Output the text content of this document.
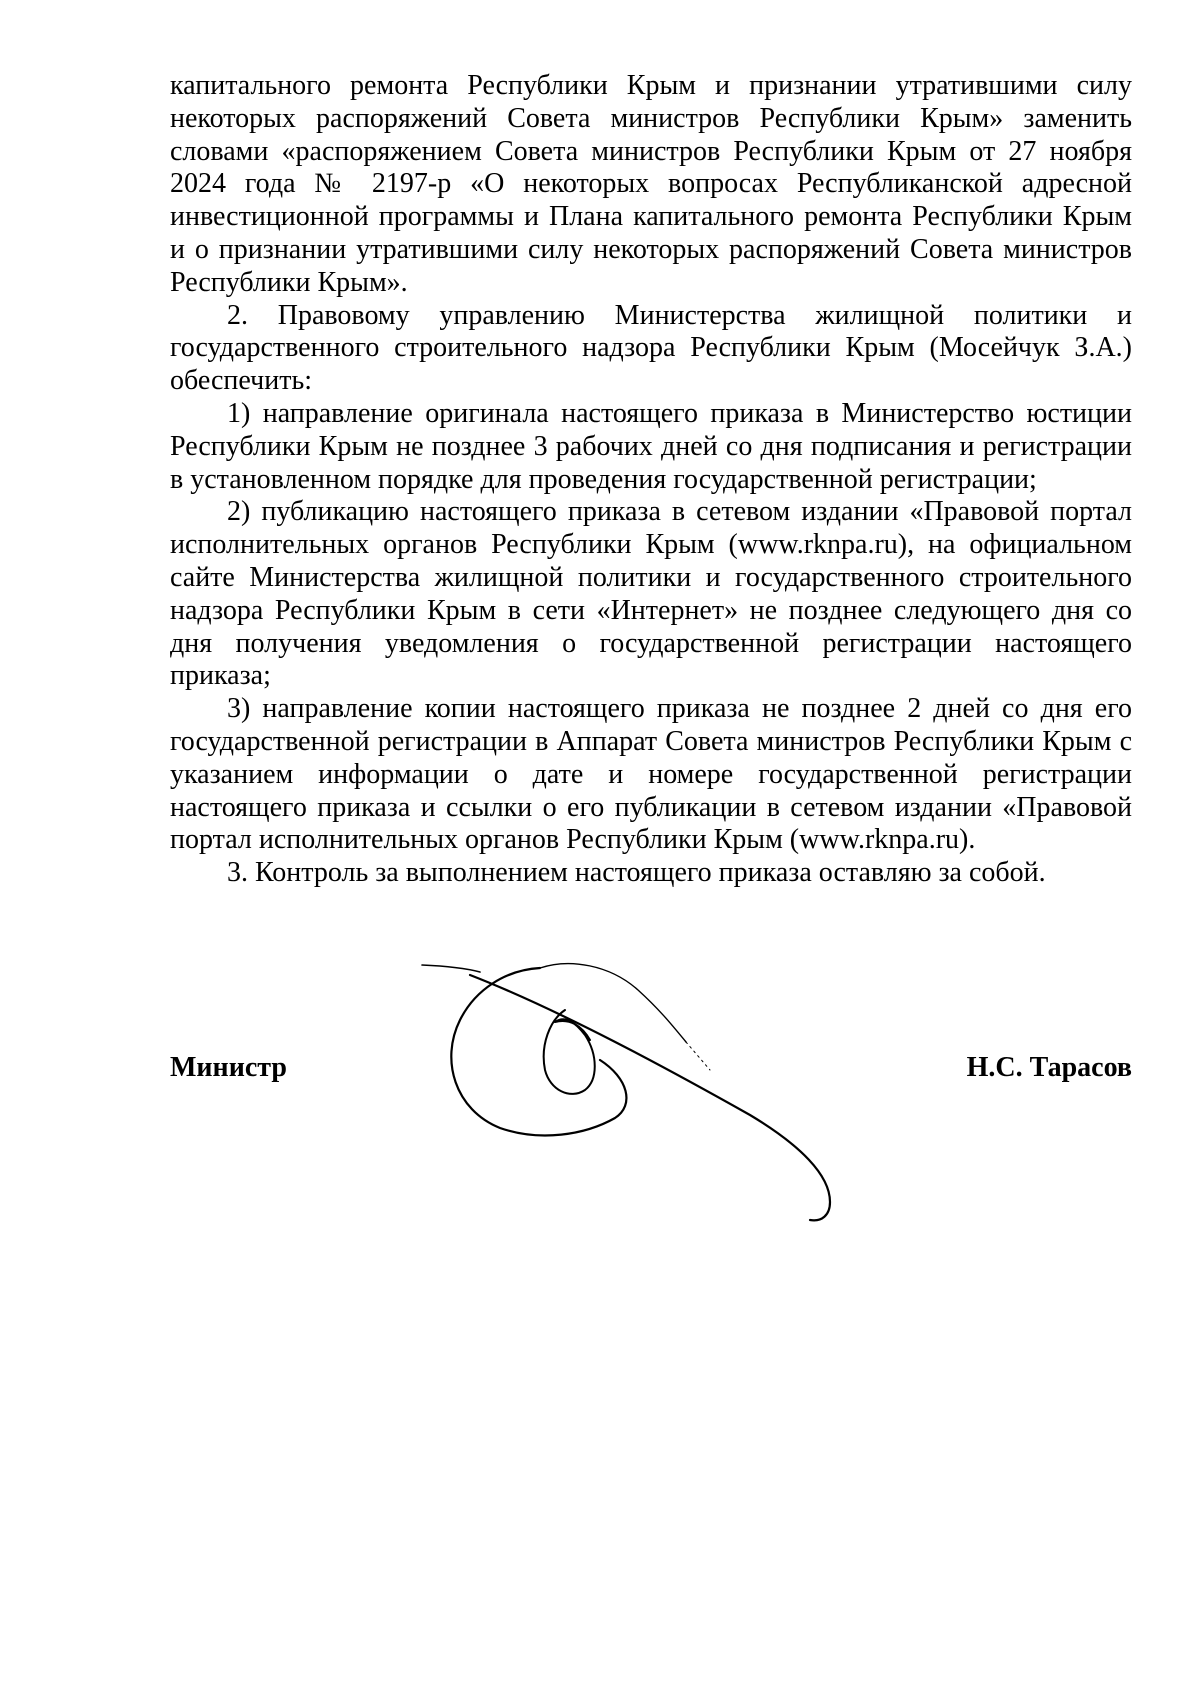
капитального ремонта Республики Крым и признании утратившими силу некоторых распоряжений Совета министров Республики Крым» заменить словами «распоряжением Совета министров Республики Крым от 27 ноября 2024 года № 2197-р «О некоторых вопросах Республиканской адресной инвестиционной программы и Плана капитального ремонта Республики Крым и о признании утратившими силу некоторых распоряжений Совета министров Республики Крым».

2. Правовому управлению Министерства жилищной политики и государственного строительного надзора Республики Крым (Мосейчук З.А.) обеспечить:

1) направление оригинала настоящего приказа в Министерство юстиции Республики Крым не позднее 3 рабочих дней со дня подписания и регистрации в установленном порядке для проведения государственной регистрации;

2) публикацию настоящего приказа в сетевом издании «Правовой портал исполнительных органов Республики Крым (www.rknpa.ru), на официальном сайте Министерства жилищной политики и государственного строительного надзора Республики Крым в сети «Интернет» не позднее следующего дня со дня получения уведомления о государственной регистрации настоящего приказа;

3) направление копии настоящего приказа не позднее 2 дней со дня его государственной регистрации в Аппарат Совета министров Республики Крым с указанием информации о дате и номере государственной регистрации настоящего приказа и ссылки о его публикации в сетевом издании «Правовой портал исполнительных органов Республики Крым (www.rknpa.ru).

3. Контроль за выполнением настоящего приказа оставляю за собой.

Министр	Н.С. Тарасов
